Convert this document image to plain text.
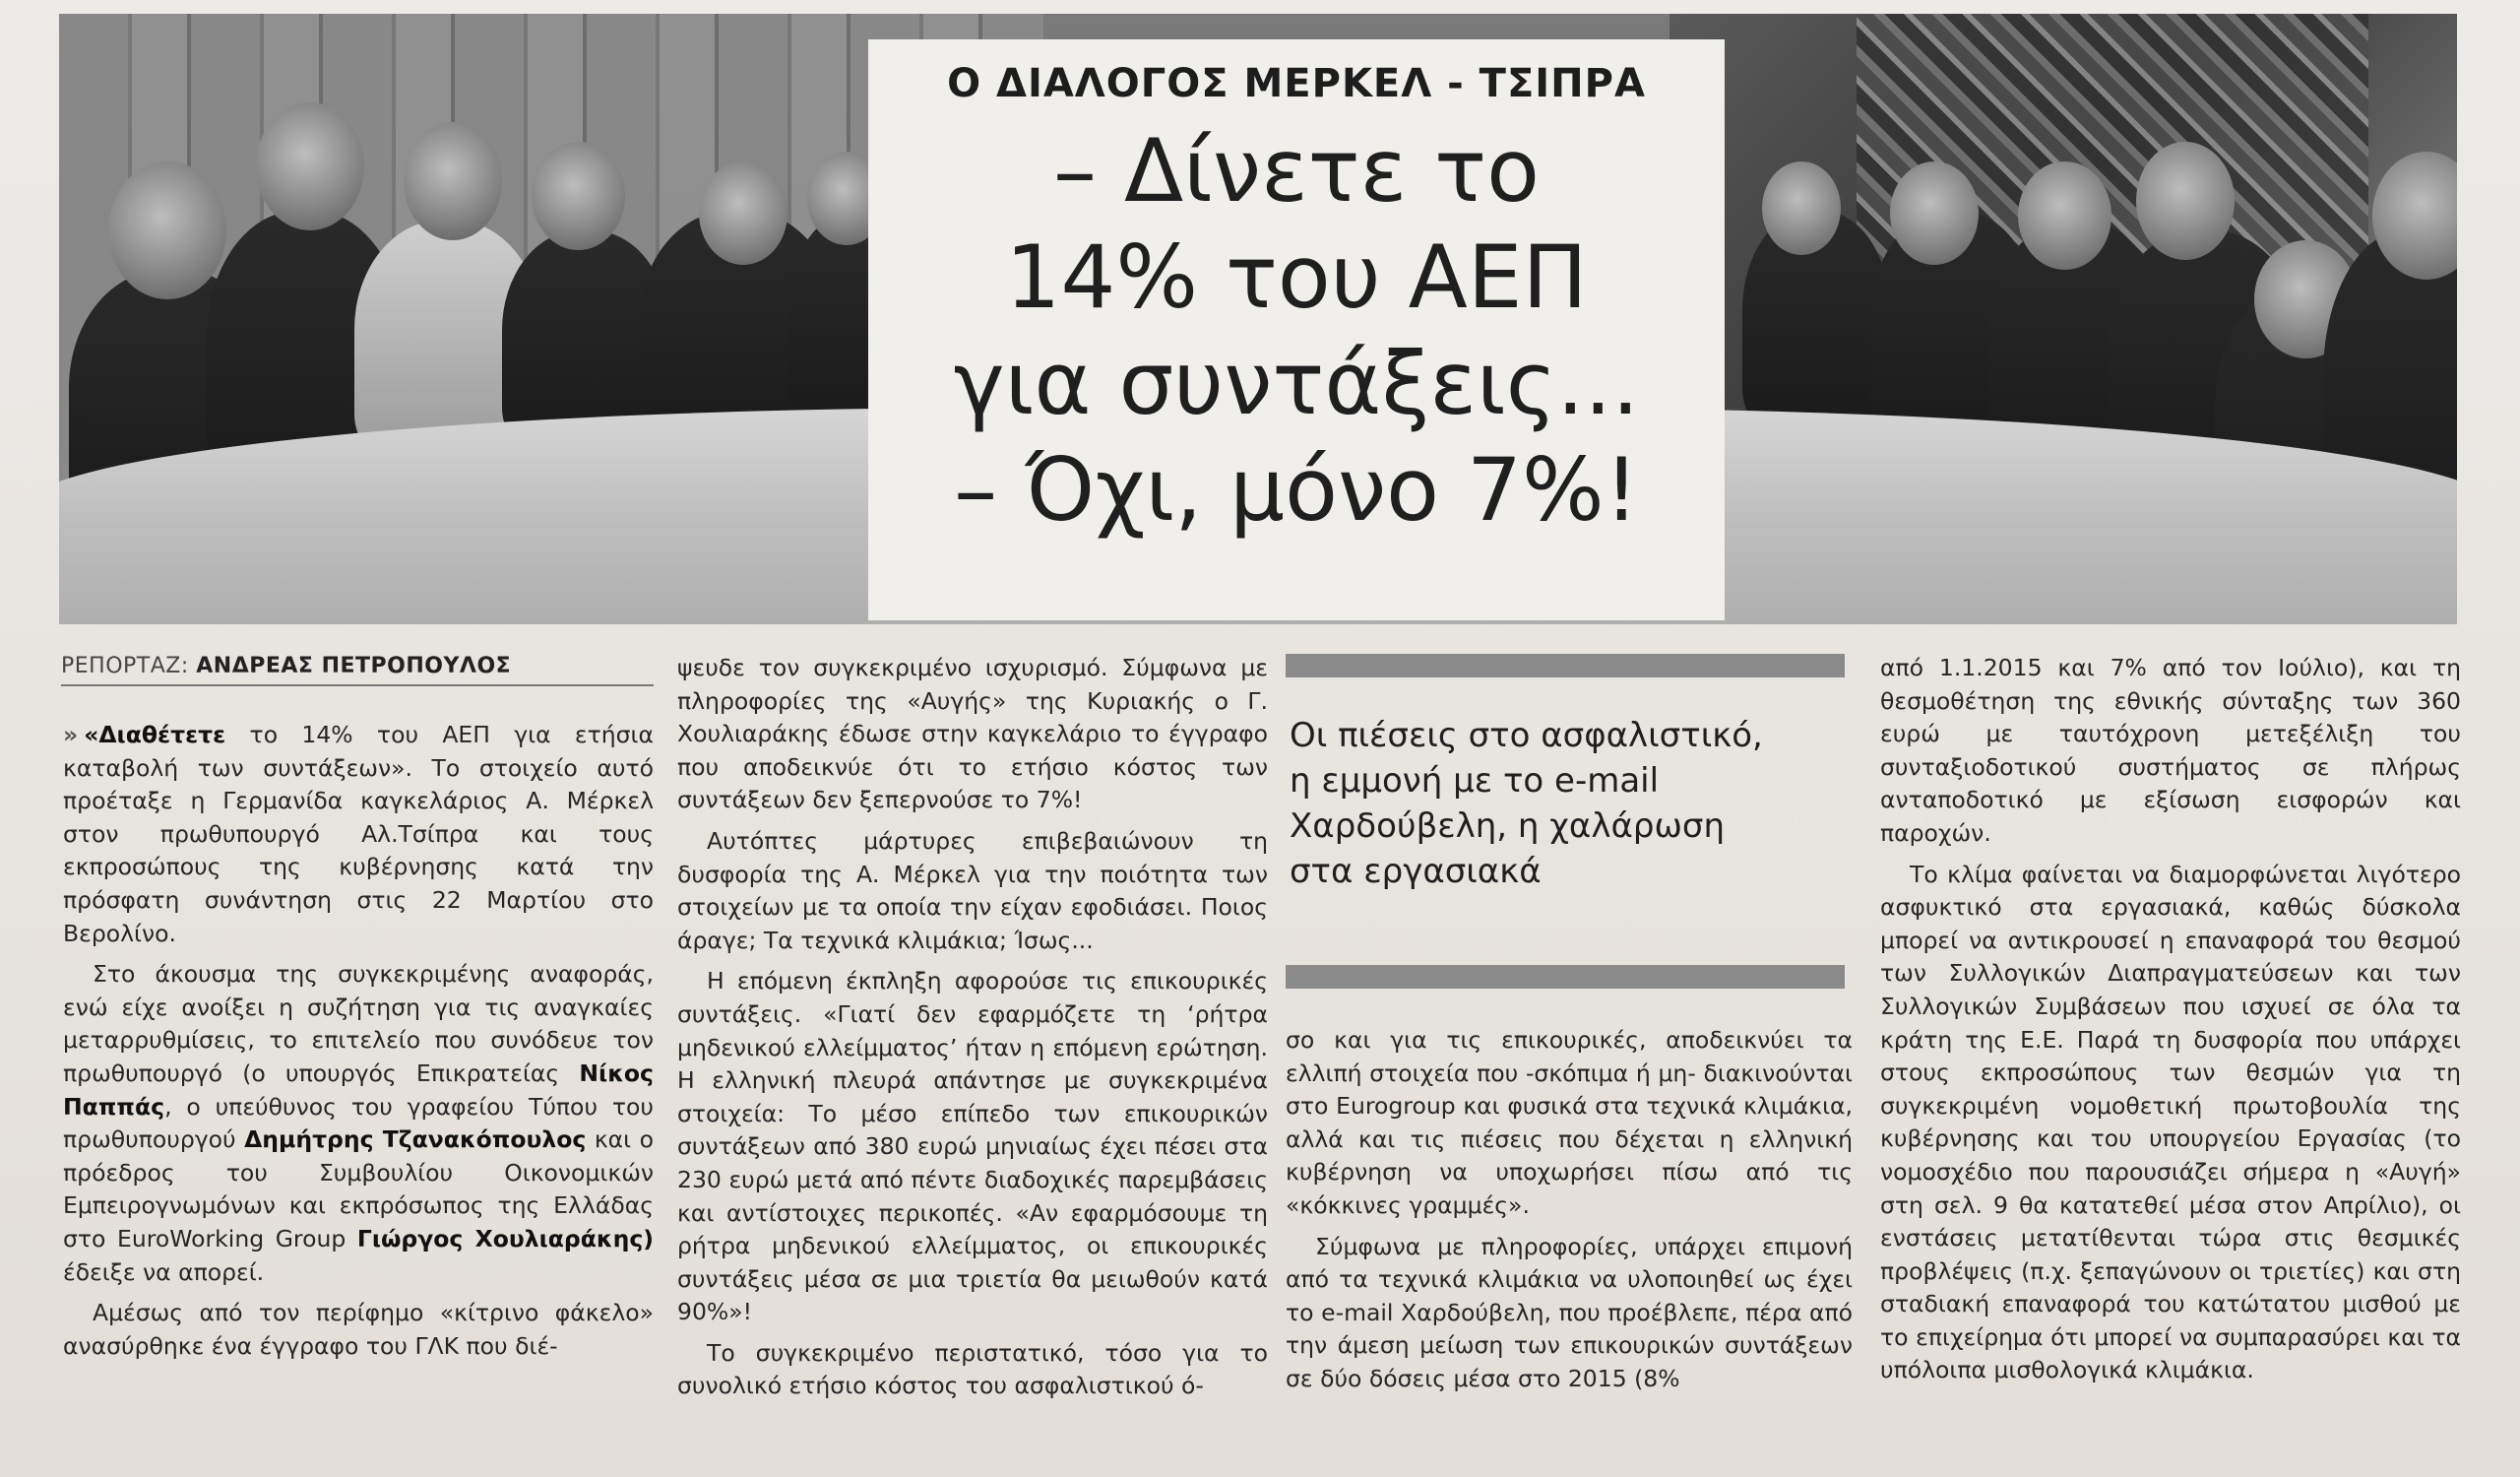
Ο ΔΙΑΛΟΓΟΣ ΜΕΡΚΕΛ - ΤΣΙΠΡΑ
– Δίνετε το
14% του ΑΕΠ
για συντάξεις...
– Όχι, μόνο 7%!
ΡΕΠΟΡΤΑΖ: ΑΝΔΡΕΑΣ ΠΕΤΡΟΠΟΥΛΟΣ

» «Διαθέτετε το 14% του ΑΕΠ για ετήσια καταβολή των συντάξεων». Το στοιχείο αυτό προέταξε η Γερμανίδα καγκελάριος Α. Μέρκελ στον πρωθυπουργό Αλ.Τσίπρα και τους εκπροσώπους της κυβέρνησης κατά την πρόσφατη συνάντηση στις 22 Μαρτίου στο Βερολίνο.

Στο άκουσμα της συγκεκριμένης αναφοράς, ενώ είχε ανοίξει η συζήτηση για τις αναγκαίες μεταρρυθμίσεις, το επιτελείο που συνόδευε τον πρωθυπουργό (ο υπουργός Επικρατείας Νίκος Παππάς, ο υπεύθυνος του γραφείου Τύπου του πρωθυπουργού Δημήτρης Τζανακόπουλος και ο πρόεδρος του Συμβουλίου Οικονομικών Εμπειρογνωμόνων και εκπρόσωπος της Ελλάδας στο EuroWorking Group Γιώργος Χουλιαράκης) έδειξε να απορεί.

Αμέσως από τον περίφημο «κίτρινο φάκελο» ανασύρθηκε ένα έγγραφο του ΓΛΚ που διέ-

ψευδε τον συγκεκριμένο ισχυρισμό. Σύμφωνα με πληροφορίες της «Αυγής» της Κυριακής ο Γ. Χουλιαράκης έδωσε στην καγκελάριο το έγγραφο που αποδεικνύε ότι το ετήσιο κόστος των συντάξεων δεν ξεπερνούσε το 7%!

Αυτόπτες μάρτυρες επιβεβαιώνουν τη δυσφορία της Α. Μέρκελ για την ποιότητα των στοιχείων με τα οποία την είχαν εφοδιάσει. Ποιος άραγε; Τα τεχνικά κλιμάκια; Ίσως...

Η επόμενη έκπληξη αφορούσε τις επικουρικές συντάξεις. «Γιατί δεν εφαρμόζετε τη ‘ρήτρα μηδενικού ελλείμματος’ ήταν η επόμενη ερώτηση. Η ελληνική πλευρά απάντησε με συγκεκριμένα στοιχεία: Το μέσο επίπεδο των επικουρικών συντάξεων από 380 ευρώ μηνιαίως έχει πέσει στα 230 ευρώ μετά από πέντε διαδοχικές παρεμβάσεις και αντίστοιχες περικοπές. «Αν εφαρμόσουμε τη ρήτρα μηδενικού ελλείμματος, οι επικουρικές συντάξεις μέσα σε μια τριετία θα μειωθούν κατά 90%»!

Το συγκεκριμένο περιστατικό, τόσο για το συνολικό ετήσιο κόστος του ασφαλιστικού ό-

Οι πιέσεις στο ασφαλιστικό,
η εμμονή με το e-mail
Χαρδούβελη, η χαλάρωση
στα εργασιακά

σο και για τις επικουρικές, αποδεικνύει τα ελλιπή στοιχεία που -σκόπιμα ή μη- διακινούνται στο Eurogroup και φυσικά στα τεχνικά κλιμάκια, αλλά και τις πιέσεις που δέχεται η ελληνική κυβέρνηση να υποχωρήσει πίσω από τις «κόκκινες γραμμές».

Σύμφωνα με πληροφορίες, υπάρχει επιμονή από τα τεχνικά κλιμάκια να υλοποιηθεί ως έχει το e-mail Χαρδούβελη, που προέβλεπε, πέρα από την άμεση μείωση των επικουρικών συντάξεων σε δύο δόσεις μέσα στο 2015 (8%

από 1.1.2015 και 7% από τον Ιούλιο), και τη θεσμοθέτηση της εθνικής σύνταξης των 360 ευρώ με ταυτόχρονη μετεξέλιξη του συνταξιοδοτικού συστήματος σε πλήρως ανταποδοτικό με εξίσωση εισφορών και παροχών.

Το κλίμα φαίνεται να διαμορφώνεται λιγότερο ασφυκτικό στα εργασιακά, καθώς δύσκολα μπορεί να αντικρουσεί η επαναφορά του θεσμού των Συλλογικών Διαπραγματεύσεων και των Συλλογικών Συμβάσεων που ισχυεί σε όλα τα κράτη της Ε.Ε. Παρά τη δυσφορία που υπάρχει στους εκπροσώπους των θεσμών για τη συγκεκριμένη νομοθετική πρωτοβουλία της κυβέρνησης και του υπουργείου Εργασίας (το νομοσχέδιο που παρουσιάζει σήμερα η «Αυγή» στη σελ. 9 θα κατατεθεί μέσα στον Απρίλιο), οι ενστάσεις μετατίθενται τώρα στις θεσμικές προβλέψεις (π.χ. ξεπαγώνουν οι τριετίες) και στη σταδιακή επαναφορά του κατώτατου μισθού με το επιχείρημα ότι μπορεί να συμπαρασύρει και τα υπόλοιπα μισθολογικά κλιμάκια.
